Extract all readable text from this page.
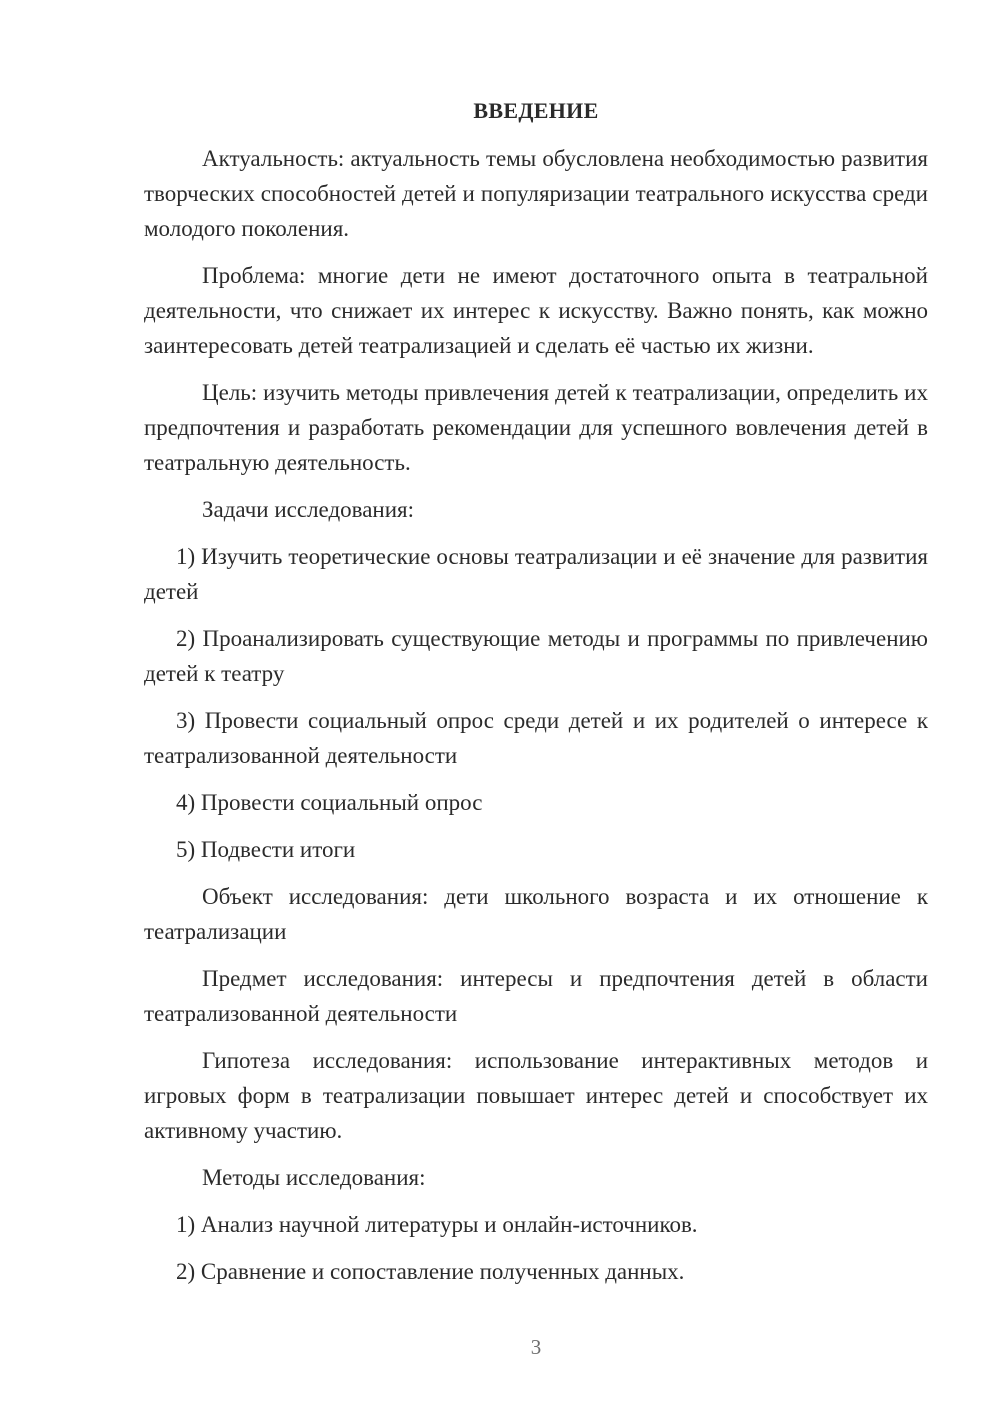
ВВЕДЕНИЕ

Актуальность: актуальность темы обусловлена необходимостью развития творческих способностей детей и популяризации театрального искусства среди молодого поколения.

Проблема: многие дети не имеют достаточного опыта в театральной деятельности, что снижает их интерес к искусству. Важно понять, как можно заинтересовать детей театрализацией и сделать её частью их жизни.

Цель: изучить методы привлечения детей к театрализации, определить их предпочтения и разработать рекомендации для успешного вовлечения детей в театральную деятельность.

Задачи исследования:

1) Изучить теоретические основы театрализации и её значение для развития детей

2) Проанализировать существующие методы и программы по привлечению детей к театру

3) Провести социальный опрос среди детей и их родителей о интересе к театрализованной деятельности

4) Провести социальный опрос

5) Подвести итоги

Объект исследования: дети школьного возраста и их отношение к театрализации

Предмет исследования: интересы и предпочтения детей в области театрализованной деятельности

Гипотеза исследования: использование интерактивных методов и игровых форм в театрализации повышает интерес детей и способствует их активному участию.

Методы исследования:

1) Анализ научной литературы и онлайн-источников.

2) Сравнение и сопоставление полученных данных.

3
